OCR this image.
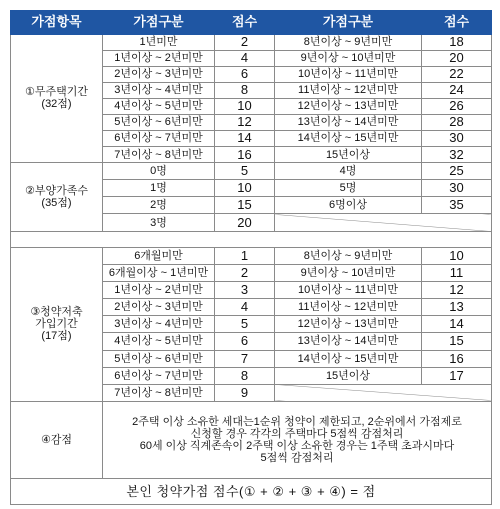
가점항목	가점구분	점수	가점구분	점수

①무주택기간
(32점)	1년미만	2	8년이상 ~ 9년미만	18
	1년이상 ~ 2년미만	4	9년이상 ~ 10년미만	20
	2년이상 ~ 3년미만	6	10년이상 ~ 11년미만	22
	3년이상 ~ 4년미만	8	11년이상 ~ 12년미만	24
	4년이상 ~ 5년미만	10	12년이상 ~ 13년미만	26
	5년이상 ~ 6년미만	12	13년이상 ~ 14년미만	28
	6년이상 ~ 7년미만	14	14년이상 ~ 15년미만	30
	7년이상 ~ 8년미만	16	15년이상	32

②부양가족수
(35점)	0명	5	4명	25
	1명	10	5명	30
	2명	15	6명이상	35
	3명	20		

③청약저축
가입기간
(17점)	6개월미만	1	8년이상 ~ 9년미만	10
	6개월이상 ~ 1년미만	2	9년이상 ~ 10년미만	11
	1년이상 ~ 2년미만	3	10년이상 ~ 11년미만	12
	2년이상 ~ 3년미만	4	11년이상 ~ 12년미만	13
	3년이상 ~ 4년미만	5	12년이상 ~ 13년미만	14
	4년이상 ~ 5년미만	6	13년이상 ~ 14년미만	15
	5년이상 ~ 6년미만	7	14년이상 ~ 15년미만	16
	6년이상 ~ 7년미만	8	15년이상	17
	7년이상 ~ 8년미만	9		
④감점	2주택 이상 소유한 세대는1순위 청약이 제한되고, 2순위에서 가점제로
신청할 경우 각각의 주택마다 5점씩 감점처리
60세 이상 직계존속이 2주택 이상 소유한 경우는 1주택 초과시마다
5점씩 감점처리			

본인 청약가점 점수(① + ② + ③ + ④) = 점				
